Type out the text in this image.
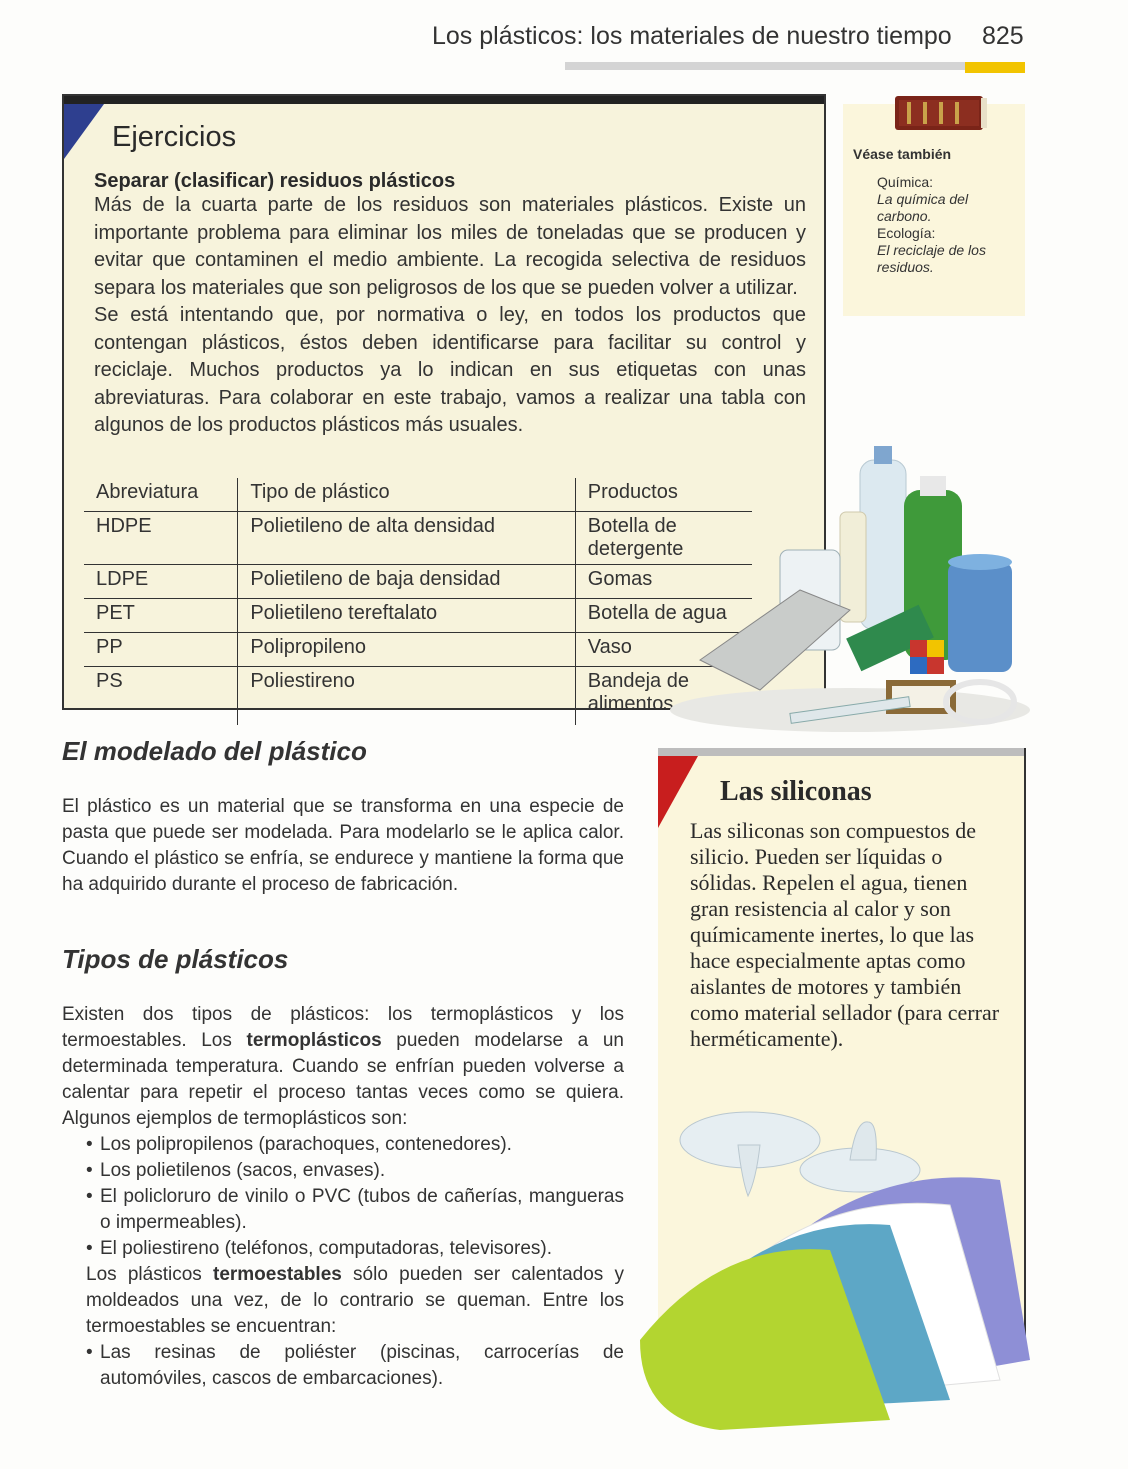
Los plásticos: los materiales de nuestro tiempo 825
Ejercicios
Separar (clasificar) residuos plásticos

Más de la cuarta parte de los residuos son materiales plásticos. Existe un importante problema para eliminar los miles de toneladas que se producen y evitar que contaminen el medio ambiente. La recogida selectiva de residuos separa los materiales que son peligrosos de los que se pueden volver a utilizar.

Se está intentando que, por normativa o ley, en todos los productos que contengan plásticos, éstos deben identificarse para facilitar su control y reciclaje. Muchos productos ya lo indican en sus etiquetas con unas abreviaturas. Para colaborar en este trabajo, vamos a realizar una tabla con algunos de los productos plásticos más usuales.

Abreviatura	Tipo de plástico	Productos
HDPE	Polietileno de alta densidad	Botella de detergente
LDPE	Polietileno de baja densidad	Gomas
PET	Polietileno tereftalato	Botella de agua
PP	Polipropileno	Vaso
PS	Poliestireno	Bandeja de alimentos
Véase también
Química:
La química del carbono.
Ecología:
El reciclaje de los residuos.
El modelado del plástico
El plástico es un material que se transforma en una especie de pasta que puede ser modelada. Para modelarlo se le aplica calor. Cuando el plástico se enfría, se endurece y mantiene la forma que ha adquirido durante el proceso de fabricación.
Tipos de plásticos

Existen dos tipos de plásticos: los termoplásticos y los termoestables. Los termoplásticos pueden modelarse a un determinada temperatura. Cuando se enfrían pueden volverse a calentar para repetir el proceso tantas veces como se quiera. Algunos ejemplos de termoplásticos son:

• Los polipropilenos (parachoques, contenedores).
• Los polietilenos (sacos, envases).
• El policloruro de vinilo o PVC (tubos de cañerías, mangueras o impermeables).
• El poliestireno (teléfonos, computadoras, televisores).

Los plásticos termoestables sólo pueden ser calentados y moldeados una vez, de lo contrario se queman. Entre los termoestables se encuentran:

• Las resinas de poliéster (piscinas, carrocerías de automóviles, cascos de embarcaciones).
Las siliconas
Las siliconas son compuestos de silicio. Pueden ser líquidas o sólidas. Repelen el agua, tienen gran resistencia al calor y son químicamente inertes, lo que las hace especialmente aptas como aislantes de motores y también como material sellador (para cerrar herméticamente).
